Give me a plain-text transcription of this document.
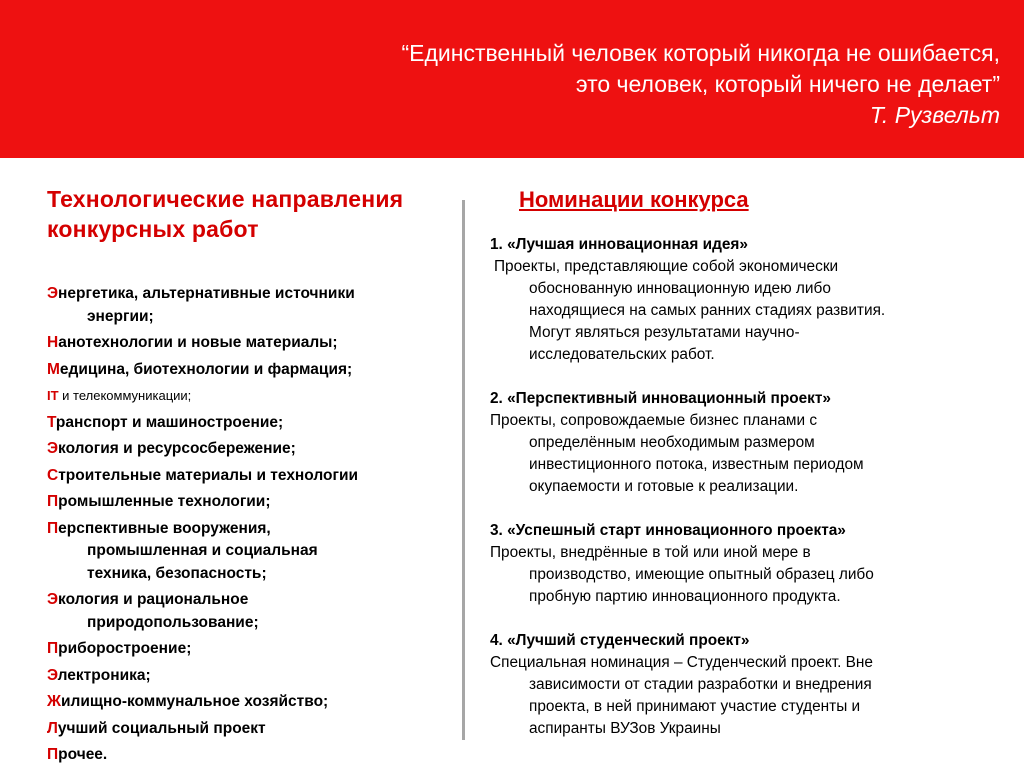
“Единственный человек который никогда не ошибается,
это человек, который ничего не делает”
Т. Рузвельт
Технологические направления конкурсных работ
Энергетика, альтернативные источники
энергии;
Нанотехнологии и новые материалы;
Медицина, биотехнологии и фармация;
IT и телекоммуникации;
Транспорт и машиностроение;
Экология и ресурсосбережение;
Строительные материалы и технологии
Промышленные технологии;
Перспективные вооружения,
промышленная и социальная
техника, безопасность;
Экология и рациональное
природопользование;
Приборостроение;
Электроника;
Жилищно-коммунальное хозяйство;
Лучший социальный проект
Прочее.
Номинации конкурса
1. «Лучшая инновационная идея»
Проекты, представляющие собой экономически
обоснованную инновационную идею либо
находящиеся на самых ранних стадиях развития.
Могут являться результатами научно-
исследовательских работ.
2. «Перспективный инновационный проект»
Проекты, сопровождаемые бизнес планами с
определённым необходимым размером
инвестиционного потока, известным периодом
окупаемости и готовые к реализации.
3. «Успешный старт инновационного проекта»
Проекты, внедрённые в той или иной мере в
производство, имеющие опытный образец либо
пробную партию инновационного продукта.
4. «Лучший студенческий проект»
Специальная номинация – Студенческий проект. Вне
зависимости от стадии разработки и внедрения
проекта, в ней принимают участие студенты и
аспиранты ВУЗов Украины
